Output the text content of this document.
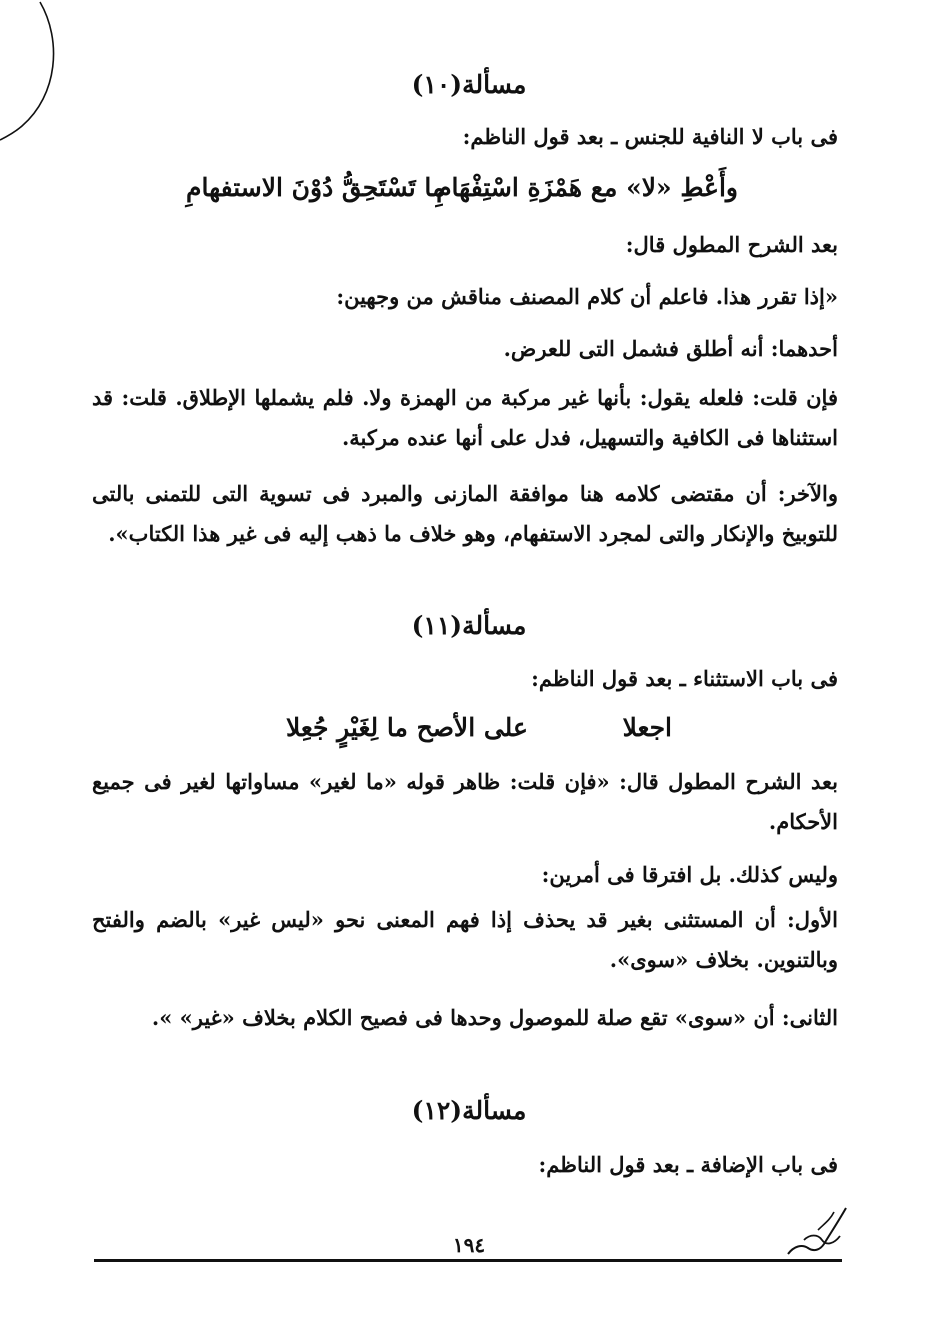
مسألة(١٠)
فى باب لا النافية للجنس ـ بعد قول الناظم:
وأَعْطِ «لا» مع هَمْزَةِ اسْتِفْهَامِ
ما تَسْتَحِقُّ دُوْنَ الاستفهامِ
بعد الشرح المطول قال:
«إذا تقرر هذا. فاعلم أن كلام المصنف مناقش من وجهين:
أحدهما: أنه أطلق فشمل التى للعرض.
فإن قلت: فلعله يقول: بأنها غير مركبة من الهمزة ولا. فلم يشملها الإطلاق. قلت: قد استثناها فى الكافية والتسهيل، فدل على أنها عنده مركبة.
والآخر: أن مقتضى كلامه هنا موافقة المازنى والمبرد فى تسوية التى للتمنى بالتى للتوبيخ والإنكار والتى لمجرد الاستفهام، وهو خلاف ما ذهب إليه فى غير هذا الكتاب».
مسألة(١١)
فى باب الاستثناء ـ بعد قول الناظم:
اجعلا
على الأصح ما لِغَيْرٍ جُعِلا
بعد الشرح المطول قال: «فإن قلت: ظاهر قوله «ما لغير» مساواتها لغير فى جميع الأحكام.
وليس كذلك. بل افترقا فى أمرين:
الأول: أن المستثنى بغير قد يحذف إذا فهم المعنى نحو «ليس غير» بالضم والفتح وبالتنوين. بخلاف «سوى».
الثانى: أن «سوى» تقع صلة للموصول وحدها فى فصيح الكلام بخلاف «غير» ».
مسألة(١٢)
فى باب الإضافة ـ بعد قول الناظم:
١٩٤
